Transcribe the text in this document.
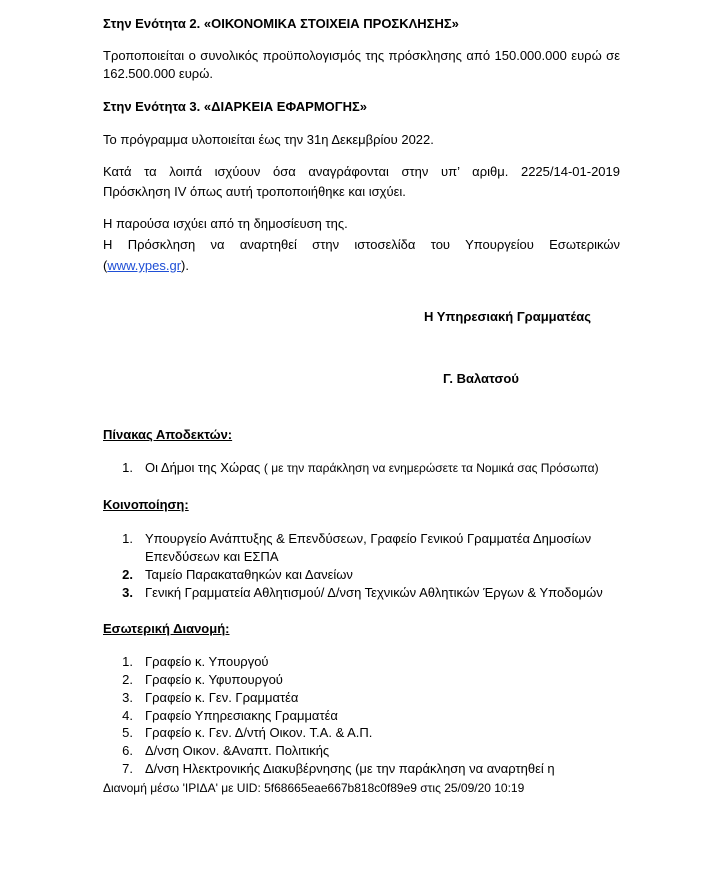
Στην Ενότητα 2. «ΟΙΚΟΝΟΜΙΚΑ ΣΤΟΙΧΕΙΑ ΠΡΟΣΚΛΗΣΗΣ»
Τροποποιείται ο συνολικός προϋπολογισμός της πρόσκλησης από 150.000.000 ευρώ σε
162.500.000 ευρώ.
Στην Ενότητα 3. «ΔΙΑΡΚΕΙΑ ΕΦΑΡΜΟΓΗΣ»
Το πρόγραμμα υλοποιείται έως την 31η Δεκεμβρίου 2022.
Κατά τα λοιπά ισχύουν όσα αναγράφονται στην υπ’ αριθμ. 2225/14-01-2019
Πρόσκληση IV όπως αυτή τροποποιήθηκε και ισχύει.
Η παρούσα ισχύει από τη δημοσίευση της.
Η Πρόσκληση να αναρτηθεί στην ιστοσελίδα του Υπουργείου Εσωτερικών
(www.ypes.gr).
Η Υπηρεσιακή Γραμματέας
Γ. Βαλατσού
Πίνακας Αποδεκτών:
1. Οι Δήμοι της Χώρας ( με την παράκληση να ενημερώσετε τα Νομικά σας Πρόσωπα)
Κοινοποίηση:
1. Υπουργείο Ανάπτυξης & Επενδύσεων, Γραφείο Γενικού Γραμματέα Δημοσίων
Επενδύσεων και ΕΣΠΑ
2. Ταμείο Παρακαταθηκών και Δανείων
3. Γενική Γραμματεία Αθλητισμού/ Δ/νση Τεχνικών Αθλητικών Έργων & Υποδομών
Εσωτερική Διανομή:
1. Γραφείο κ. Υπουργού
2. Γραφείο κ. Υφυπουργού
3. Γραφείο κ. Γεν. Γραμματέα
4. Γραφείο Υπηρεσιακης Γραμματέα
5. Γραφείο κ. Γεν. Δ/ντή Οικον. Τ.Α. & Α.Π.
6. Δ/νση Οικον. &Αναπτ. Πολιτικής
7. Δ/νση Ηλεκτρονικής Διακυβέρνησης (με την παράκληση να αναρτηθεί η
Διανομή μέσω 'ΙΡΙΔΑ' με UID: 5f68665eae667b818c0f89e9 στις 25/09/20 10:19
